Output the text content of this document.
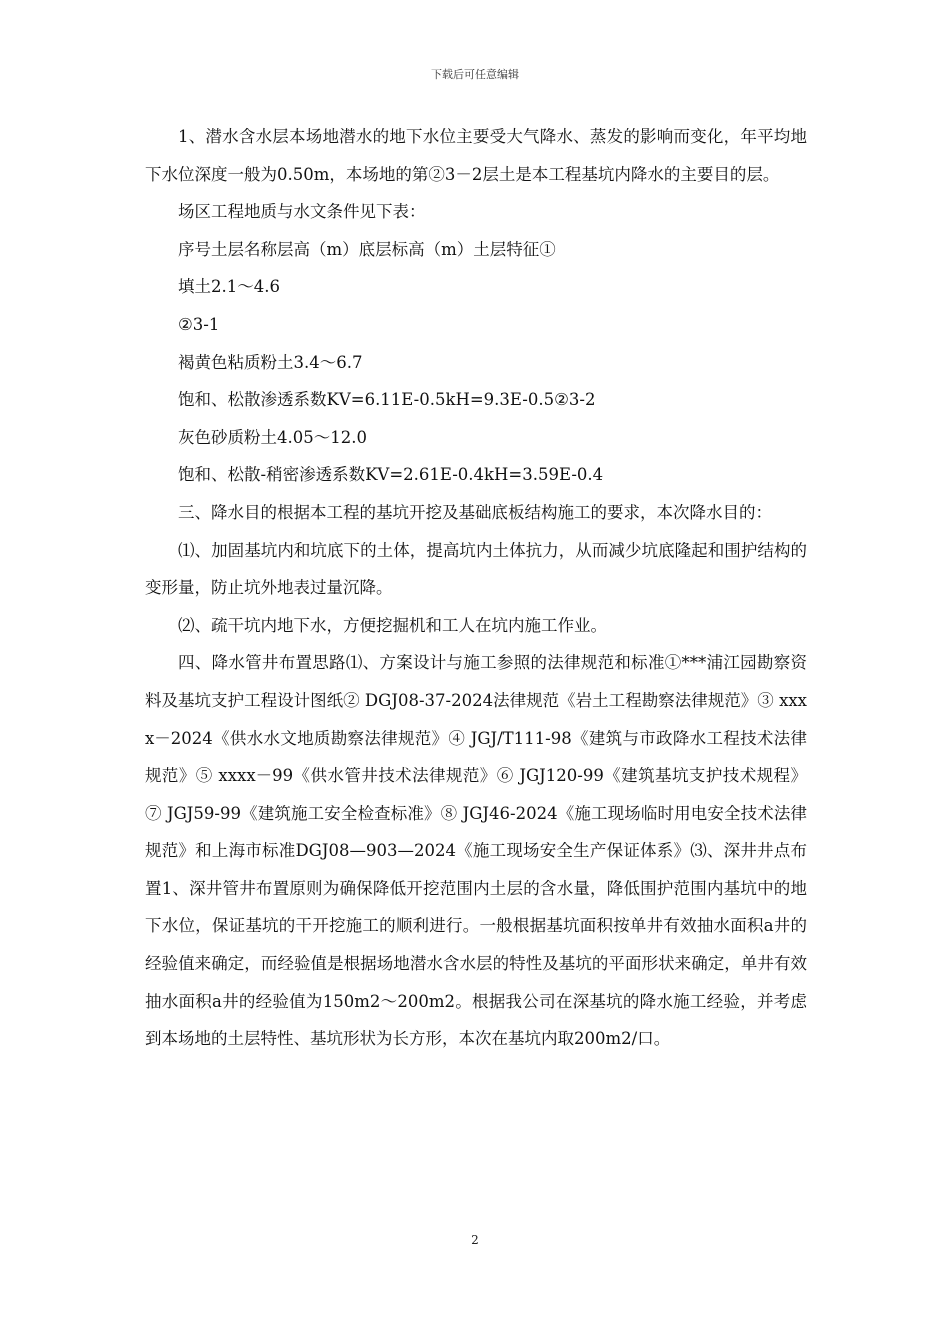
下载后可任意编辑

1、潜水含水层本场地潜水的地下水位主要受大气降水、蒸发的影响而变化，年平均地下水位深度一般为0.50m，本场地的第②3－2层土是本工程基坑内降水的主要目的层。

场区工程地质与水文条件见下表：

序号土层名称层高（m）底层标高（m）土层特征①

填土2.1～4.6

②3-1

褐黄色粘质粉土3.4～6.7

饱和、松散渗透系数KV=6.11E-0.5kH=9.3E-0.5②3-2

灰色砂质粉土4.05～12.0

饱和、松散-稍密渗透系数KV=2.61E-0.4kH=3.59E-0.4

三、降水目的根据本工程的基坑开挖及基础底板结构施工的要求，本次降水目的：

⑴、加固基坑内和坑底下的土体，提高坑内土体抗力，从而减少坑底隆起和围护结构的变形量，防止坑外地表过量沉降。

⑵、疏干坑内地下水，方便挖掘机和工人在坑内施工作业。

四、降水管井布置思路⑴、方案设计与施工参照的法律规范和标准①***浦江园勘察资料及基坑支护工程设计图纸② DGJ08-37-2024法律规范《岩土工程勘察法律规范》③ xxxx－2024《供水水文地质勘察法律规范》④ JGJ/T111-98《建筑与市政降水工程技术法律规范》⑤ xxxx－99《供水管井技术法律规范》⑥ JGJ120-99《建筑基坑支护技术规程》⑦ JGJ59-99《建筑施工安全检查标准》⑧ JGJ46-2024《施工现场临时用电安全技术法律规范》和上海市标准DGJ08—903—2024《施工现场安全生产保证体系》⑶、深井井点布置1、深井管井布置原则为确保降低开挖范围内土层的含水量，降低围护范围内基坑中的地下水位，保证基坑的干开挖施工的顺利进行。一般根据基坑面积按单井有效抽水面积a井的经验值来确定，而经验值是根据场地潜水含水层的特性及基坑的平面形状来确定，单井有效抽水面积a井的经验值为150m2～200m2。根据我公司在深基坑的降水施工经验，并考虑到本场地的土层特性、基坑形状为长方形，本次在基坑内取200m2/口。

2
